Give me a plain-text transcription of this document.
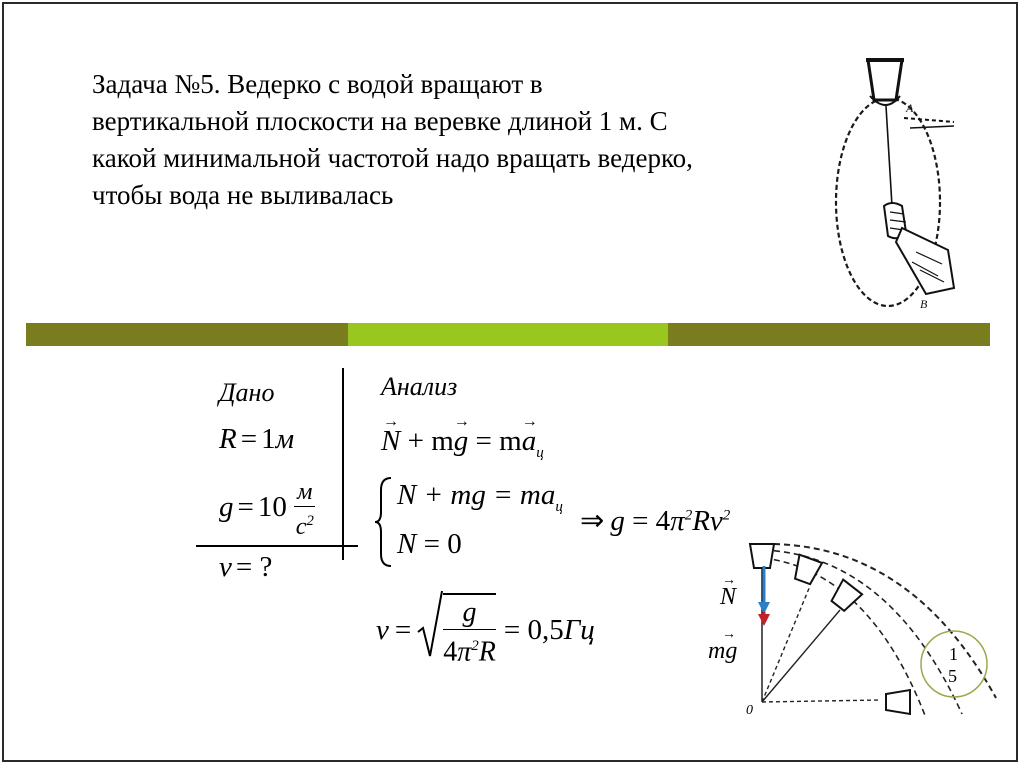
Задача №5. Ведерко с водой вращают в
вертикальной плоскости на веревке длиной 1 м. С
какой минимальной частотой надо вращать ведерко,
чтобы вода не выливалась
А
В
Дано
R = 1м
$g = 10 \frac{м}{с^2}$
ν = ?
Анализ
→
N + m
→
g = m
→
$a_ц$
N + mg = $ma_ц$
N = 0
⇒ $g = 4\pi^2R\nu^2$
$\nu = \frac{g}{4\pi^2R} = 0,5$ Гц
N
→
mg
→
0
1
5
